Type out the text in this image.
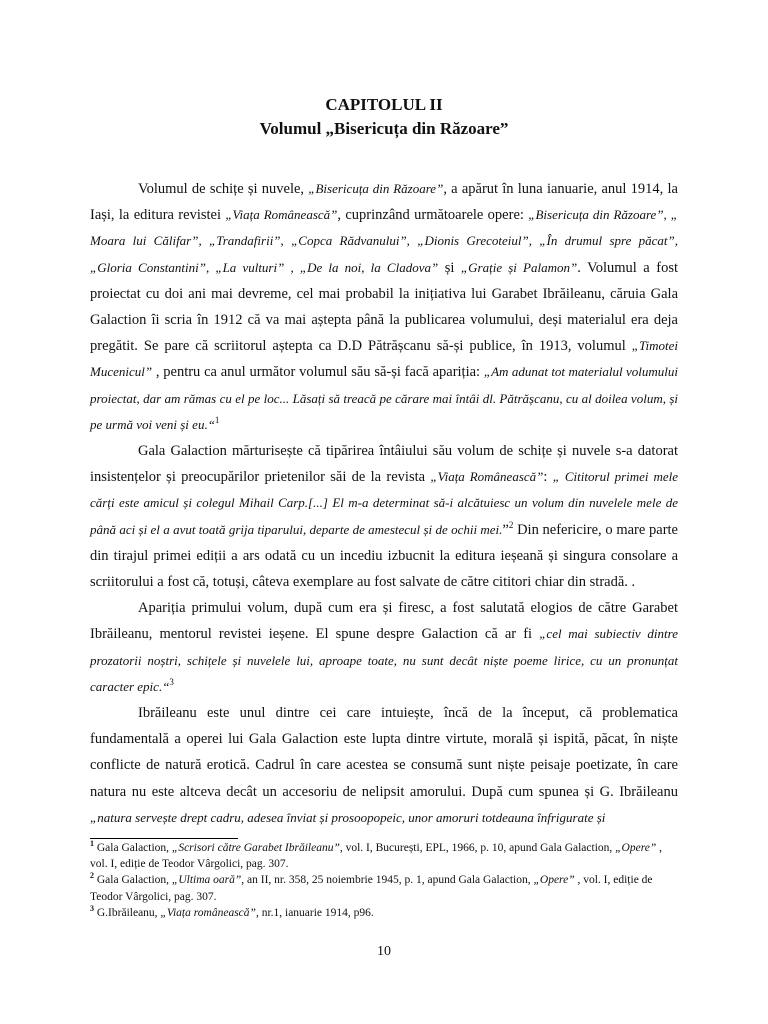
CAPITOLUL II
Volumul „Bisericuța din Răzoare”

Volumul de schițe și nuvele, „Bisericuța din Răzoare”, a apărut în luna ianuarie, anul 1914, la Iași, la editura revistei „Viața Românească”, cuprinzând următoarele opere: „Bisericuța din Răzoare”, „ Moara lui Călifar”, „Trandafirii”, „Copca Rădvanului”, „Dionis Grecoteiul”, „În drumul spre păcat”, „Gloria Constantini”, „La vulturi” , „De la noi, la Cladova” și „Grație și Palamon”. Volumul a fost proiectat cu doi ani mai devreme, cel mai probabil la inițiativa lui Garabet Ibrăileanu, căruia Gala Galaction îi scria în 1912 că va mai aștepta până la publicarea volumului, deși materialul era deja pregătit. Se pare că scriitorul aștepta ca D.D Pătrășcanu să-și publice, în 1913, volumul „Timotei Mucenicul” , pentru ca anul următor volumul său să-și facă apariția: „Am adunat tot materialul volumului proiectat, dar am rămas cu el pe loc... Lăsați să treacă pe cărare mai întâi dl. Pătrășcanu, cu al doilea volum, și pe urmă voi veni și eu.“$^1$

Gala Galaction mărturisește că tipărirea întâiului său volum de schițe și nuvele s-a datorat insistențelor și preocupărilor prietenilor săi de la revista „Viața Românească”: „ Cititorul primei mele cărți este amicul și colegul Mihail Carp.[...] El m-a determinat să-i alcătuiesc un volum din nuvelele mele de până aci și el a avut toată grija tiparului, departe de amestecul și de ochii mei.”$^2$ Din nefericire, o mare parte din tirajul primei ediții a ars odată cu un incediu izbucnit la editura ieșeană și singura consolare a scriitorului a fost că, totuși, câteva exemplare au fost salvate de către cititori chiar din stradă. .

Apariția primului volum, după cum era și firesc, a fost salutată elogios de către Garabet Ibrăileanu, mentorul revistei ieșene. El spune despre Galaction că ar fi „cel mai subiectiv dintre prozatorii noștri, schițele și nuvelele lui, aproape toate, nu sunt decât niște poeme lirice, cu un pronunțat caracter epic.“$^3$

Ibrăileanu este unul dintre cei care intuiește, încă de la început, că problematica fundamentală a operei lui Gala Galaction este lupta dintre virtute, morală și ispită, păcat, în niște conflicte de natură erotică. Cadrul în care acestea se consumă sunt niște peisaje poetizate, în care natura nu este altceva decât un accesoriu de nelipsit amorului. După cum spunea și G. Ibrăileanu „natura servește drept cadru, adesea înviat și prosoopopeic, unor amoruri totdeauna înfrigurate și

$^1$ Gala Galaction, „Scrisori către Garabet Ibrăileanu”, vol. I, București, EPL, 1966, p. 10, apund Gala Galaction, „Opere” , vol. I, ediție de Teodor Vârgolici, pag. 307.
$^2$ Gala Galaction, „Ultima oară”, an II, nr. 358, 25 noiembrie 1945, p. 1, apund Gala Galaction, „Opere” , vol. I, ediție de Teodor Vârgolici, pag. 307.
$^3$ G.Ibrăileanu, „Viața românească”, nr.1, ianuarie 1914, p96.
10
